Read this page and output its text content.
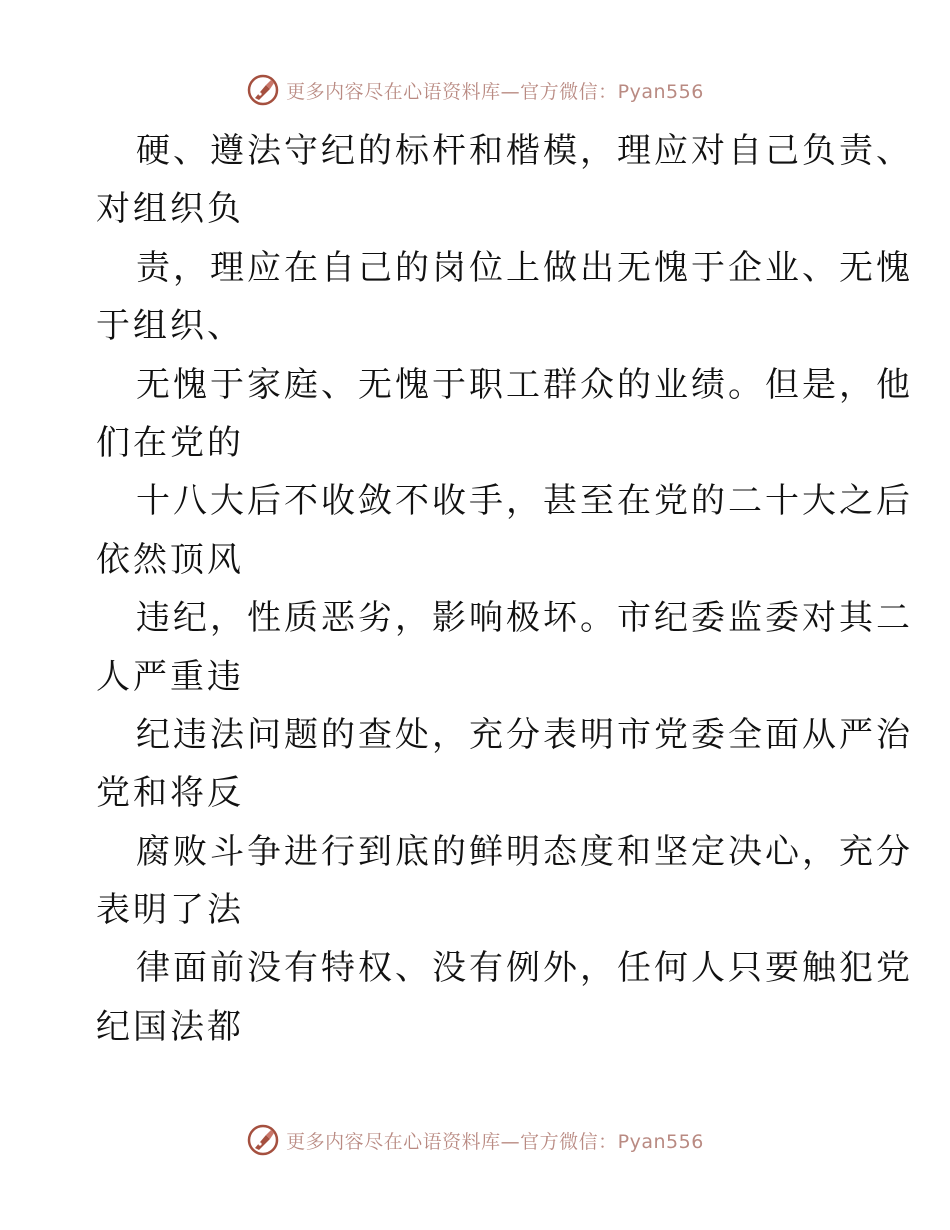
更多内容尽在心语资料库—官方微信：Pyan556
硬、遵法守纪的标杆和楷模，理应对自己负责、
对组织负
责，理应在自己的岗位上做出无愧于企业、无愧
于组织、
无愧于家庭、无愧于职工群众的业绩。但是，他
们在党的
十八大后不收敛不收手，甚至在党的二十大之后
依然顶风
违纪，性质恶劣，影响极坏。市纪委监委对其二
人严重违
纪违法问题的查处，充分表明市党委全面从严治
党和将反
腐败斗争进行到底的鲜明态度和坚定决心，充分
表明了法
律面前没有特权、没有例外，任何人只要触犯党
纪国法都
更多内容尽在心语资料库—官方微信：Pyan556
